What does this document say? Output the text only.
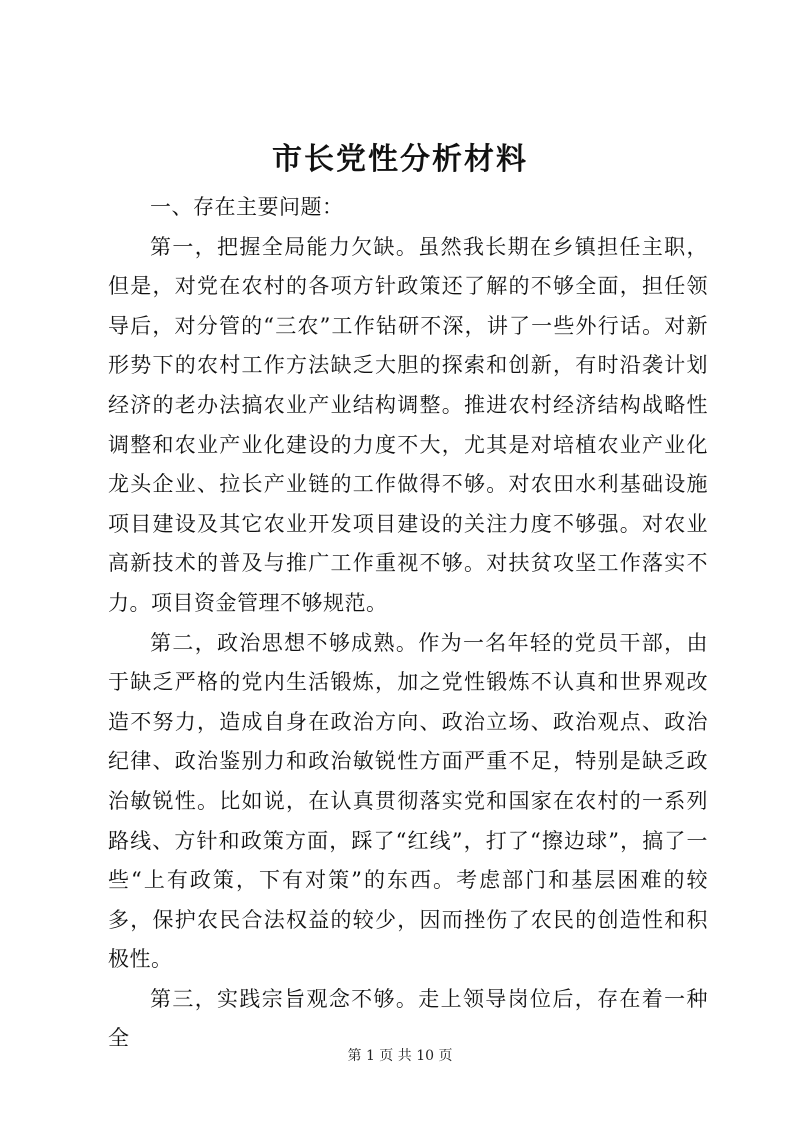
市长党性分析材料

一、存在主要问题：

第一，把握全局能力欠缺。虽然我长期在乡镇担任主职，但是，对党在农村的各项方针政策还了解的不够全面，担任领导后，对分管的“三农”工作钻研不深，讲了一些外行话。对新形势下的农村工作方法缺乏大胆的探索和创新，有时沿袭计划经济的老办法搞农业产业结构调整。推进农村经济结构战略性调整和农业产业化建设的力度不大，尤其是对培植农业产业化龙头企业、拉长产业链的工作做得不够。对农田水利基础设施项目建设及其它农业开发项目建设的关注力度不够强。对农业高新技术的普及与推广工作重视不够。对扶贫攻坚工作落实不力。项目资金管理不够规范。

第二，政治思想不够成熟。作为一名年轻的党员干部，由于缺乏严格的党内生活锻炼，加之党性锻炼不认真和世界观改造不努力，造成自身在政治方向、政治立场、政治观点、政治纪律、政治鉴别力和政治敏锐性方面严重不足，特别是缺乏政治敏锐性。比如说，在认真贯彻落实党和国家在农村的一系列路线、方针和政策方面，踩了“红线”，打了“擦边球”，搞了一些“上有政策，下有对策”的东西。考虑部门和基层困难的较多，保护农民合法权益的较少，因而挫伤了农民的创造性和积极性。

第三，实践宗旨观念不够。走上领导岗位后，存在着一种全

第 1 页 共 10 页
